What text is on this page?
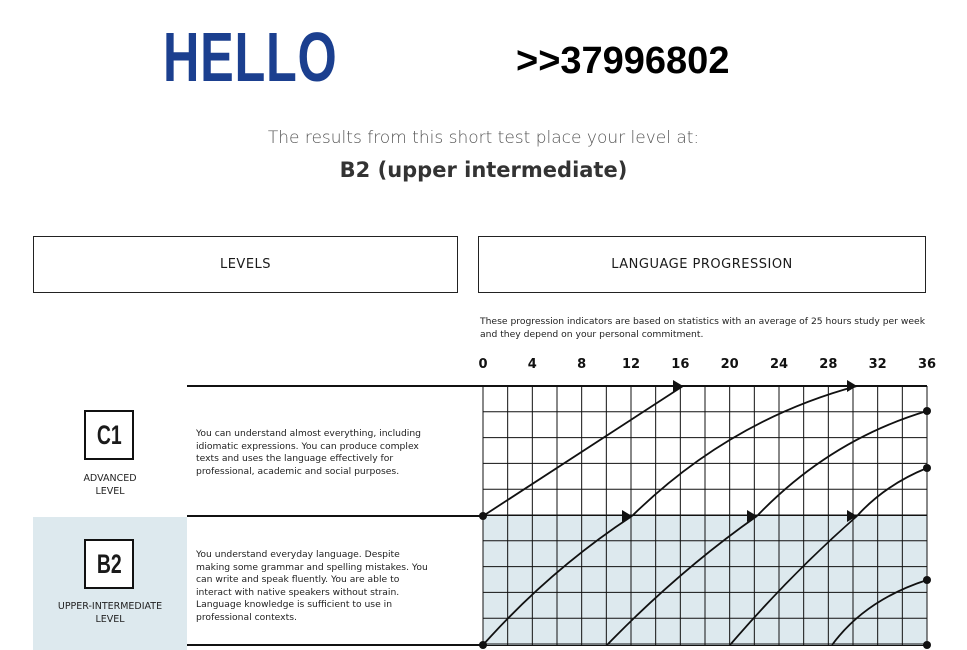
HELLO	>>37996802
The results from this short test place your level at:
B2 (upper intermediate)
LEVELS	LANGUAGE PROGRESSION
These progression indicators are based on statistics with an average of 25 hours study per week and they depend on your personal commitment.
C1
ADVANCED
LEVEL
You can understand almost everything, including idiomatic expressions. You can produce complex texts and uses the language effectively for professional, academic and social purposes.
B2
UPPER-INTERMEDIATE
LEVEL
You understand everyday language. Despite making some grammar and spelling mistakes. You can write and speak fluently. You are able to interact with native speakers without strain. Language knowledge is sufficient to use in professional contexts.
0	4	8	12 16 20 24 28 32 36
